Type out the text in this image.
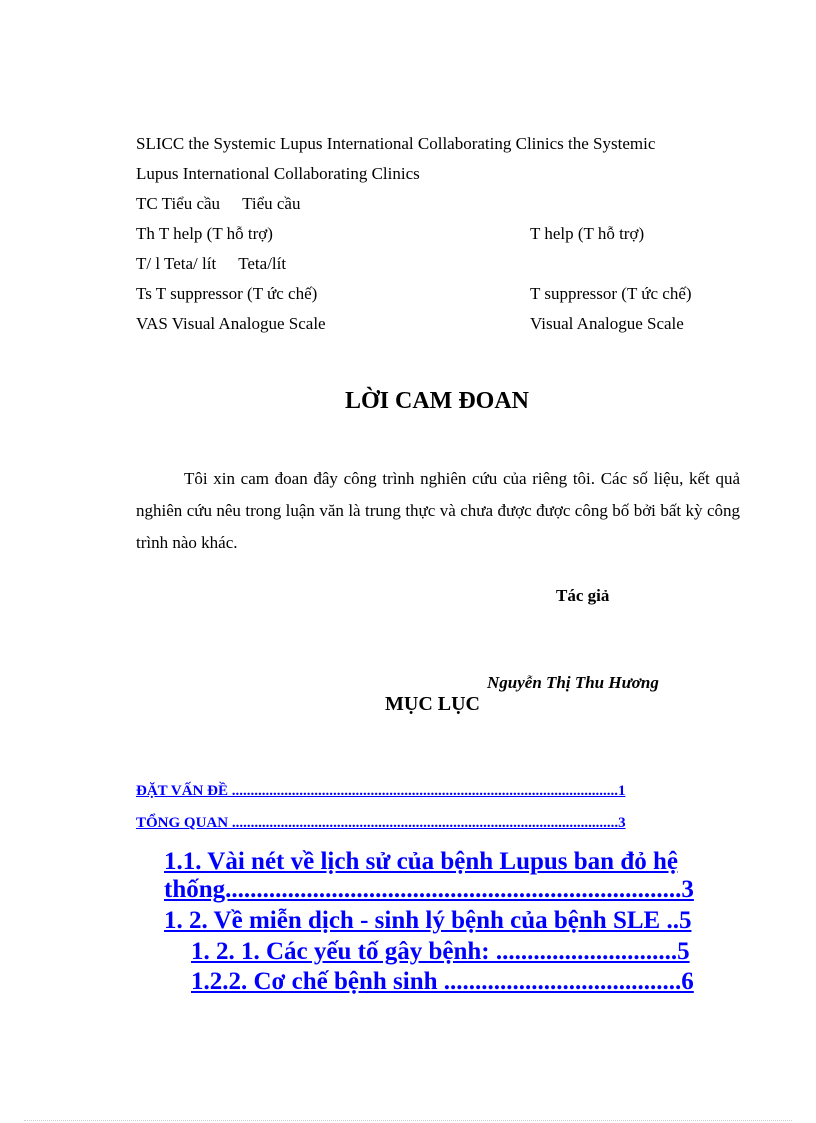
SLICC the Systemic Lupus International Collaborating Clinics the Systemic
Lupus International Collaborating Clinics
TC Tiểu cầu Tiểu cầu
Th T help (T hỗ trợ)	T help (T hỗ trợ)
T/ l Teta/ lít Teta/lít
Ts T suppressor (T ức chế)	T suppressor (T ức chế)
VAS Visual Analogue Scale	Visual Analogue Scale
LỜI CAM ĐOAN
Tôi xin cam đoan đây công trình nghiên cứu của riêng tôi. Các số liệu, kết quả nghiên cứu nêu trong luận văn là trung thực và chưa được được công bố bởi bất kỳ công trình nào khác.
Tác giả
Nguyễn Thị Thu Hương
MỤC LỤC
ĐẶT VẤN ĐỀ .......................................................................................................1
TỔNG QUAN .......................................................................................................3
1.1. Vài nét về lịch sử của bệnh Lupus ban đỏ hệ
thống.........................................................................3
1. 2. Về miễn dịch - sinh lý bệnh của bệnh SLE ..5
1. 2. 1. Các yếu tố gây bệnh: .............................5
1.2.2. Cơ chế bệnh sinh ......................................6
